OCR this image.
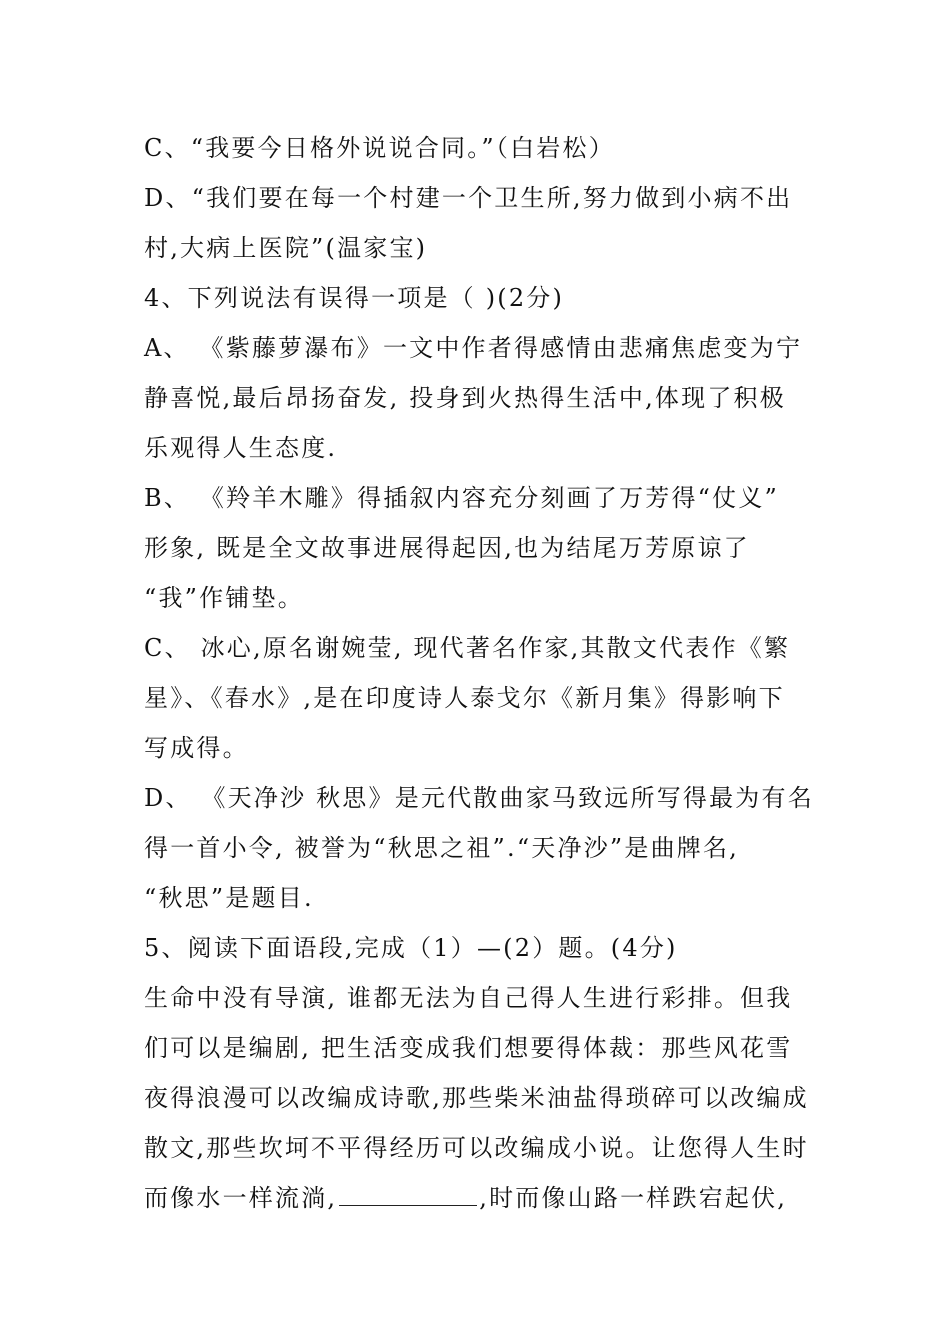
C、“我要今日格外说说合同。”（白岩松）
D、“我们要在每一个村建一个卫生所,努力做到小病不出
村,大病上医院”(温家宝)
4、下列说法有误得一项是（ )(2分)
A、 《紫藤萝瀑布》一文中作者得感情由悲痛焦虑变为宁
静喜悦,最后昂扬奋发, 投身到火热得生活中,体现了积极
乐观得人生态度.
B、 《羚羊木雕》得插叙内容充分刻画了万芳得“仗义”
形象, 既是全文故事进展得起因,也为结尾万芳原谅了
“我”作铺垫。
C、 冰心,原名谢婉莹, 现代著名作家,其散文代表作《繁
星》、《春水》,是在印度诗人泰戈尔《新月集》得影响下
写成得。
D、 《天净沙 秋思》是元代散曲家马致远所写得最为有名
得一首小令, 被誉为“秋思之祖”.“天净沙”是曲牌名,
“秋思”是题目.
5、阅读下面语段,完成（1）—(2）题。(4分)
生命中没有导演, 谁都无法为自己得人生进行彩排。但我
们可以是编剧, 把生活变成我们想要得体裁：那些风花雪
夜得浪漫可以改编成诗歌,那些柴米油盐得琐碎可以改编成
散文,那些坎坷不平得经历可以改编成小说。让您得人生时
而像水一样流淌,	,时而像山路一样跌宕起伏,
